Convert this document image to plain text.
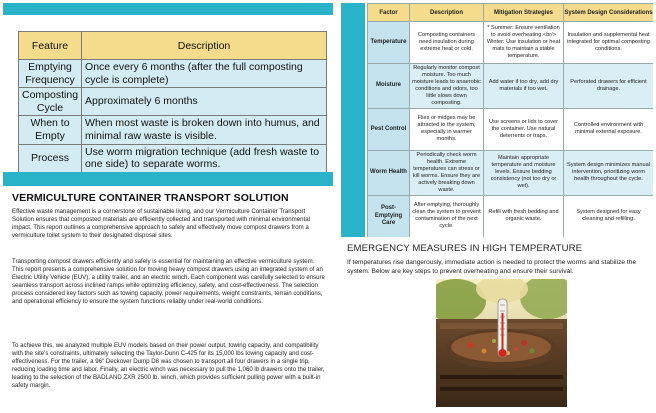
Feature	Description
Emptying Frequency	Once every 6 months (after the full composting cycle is complete)
Composting Cycle	Approximately 6 months
When to Empty	When most waste is broken down into humus, and minimal raw waste is visible.
Process	Use worm migration technique (add fresh waste to one side) to separate worms.
Factor	Description	Mitigation Strategies	System Design Considerations
Temperature	Composting containers need insulation during extreme heat or cold.	* Summer: Ensure ventilation to avoid overheating.<br/> Winter: Use insulation or heat mats to maintain a stable temperature.	Insulation and supplemental heat integrated for optimal composting conditions.
Moisture	Regularly monitor compost moisture. Too much moisture leads to anaerobic conditions and odors, too little slows down composting.	Add water if too dry, add dry materials if too wet.	Perforated drawers for efficient drainage.
Pest Control	Flies or midges may be attracted to the system, especially in warmer months.	Use screens or lids to cover the container. Use natural deterrents or traps.	Controlled environment with minimal external exposure.
Worm Health	Periodically check worm health. Extreme temperatures can stress or kill worms. Ensure they are actively breaking down waste.	Maintain appropriate temperature and moisture levels. Ensure bedding consistency (not too dry or wet).	System design minimizes manual intervention, prioritizing worm health throughout the cycle.
Post-Emptying Care	After emptying, thoroughly clean the system to prevent contamination of the next cycle.	Refill with fresh bedding and organic waste.	System designed for easy cleaning and refilling.
VERMICULTURE CONTAINER TRANSPORT SOLUTION

Effective waste management is a cornerstone of sustainable living, and our Vermiculture Container Transport Solution ensures that composted materials are efficiently collected and transported with minimal environmental impact. This report outlines a comprehensive approach to safely and effectively move compost drawers from a vermiculture toilet system to their designated disposal sites.

Transporting compost drawers efficiently and safely is essential for maintaining an effective vermiculture system. This report presents a comprehensive solution for moving heavy compost drawers using an integrated system of an Electric Utility Vehicle (EUV), a utility trailer, and an electric winch. Each component was carefully selected to ensure seamless transport across inclined ramps while optimizing efficiency, safety, and cost-effectiveness. The selection process considered key factors such as towing capacity, power requirements, weight constraints, terrain conditions, and operational efficiency to ensure the system functions reliably under real-world conditions.

To achieve this, we analyzed multiple EUV models based on their power output, towing capacity, and compatibility with the site's constraints, ultimately selecting the Taylor-Dunn C-425 for its 15,000 lbs towing capacity and cost-effectiveness. For the trailer, a 96" Deckover Dump D8 was chosen to transport all four drawers in a single trip, reducing loading time and labor. Finally, an electric winch was necessary to pull the 1,060 lb drawers onto the trailer, leading to the selection of the BADLAND ZXR 2500 lb. winch, which provides sufficient pulling power with a built-in safety margin.

EMERGENCY MEASURES IN HIGH TEMPERATURE

If temperatures rise dangerously, immediate action is needed to protect the worms and stabilize the system. Below are key steps to prevent overheating and ensure their survival.
